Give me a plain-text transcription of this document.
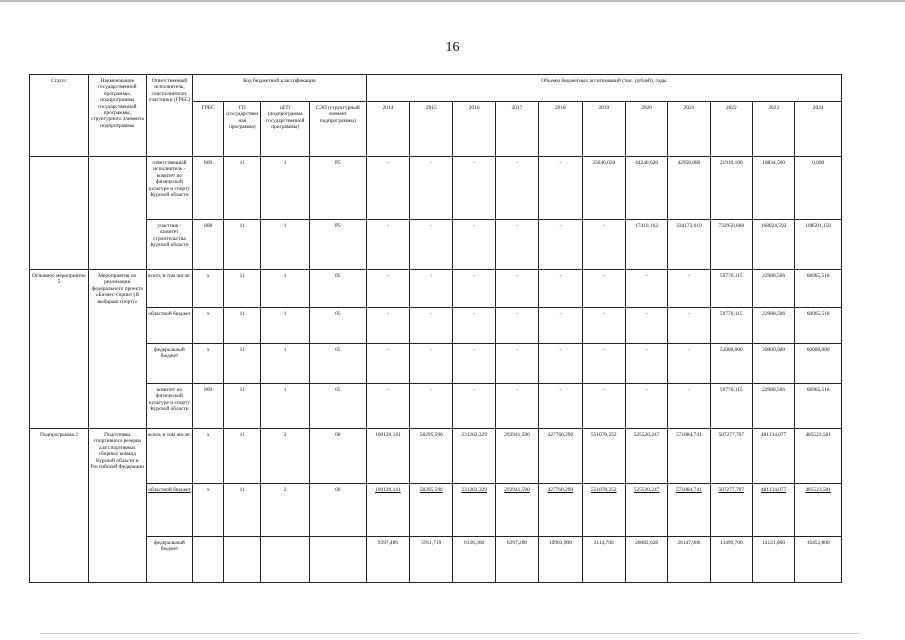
16
Статус	Наименование государственной программы, подпрограммы государственной программы, структурного элемента подпрограммы	Ответственный исполнитель, соисполнители, участники (ГРБС)	Код бюджетной классификации				Объемы бюджетных ассигнований (тыс. рублей), годы										
			ГРБС	ГП (государственная программа)	пГП (подпрограмма государственной программы)	СЭП (структурный элемент подпрограммы)	2014	2015	2016	2017	2018	2019	2020	2021	2022	2023	2024
		ответственный исполнитель - комитет по физической культуре и спорту Курской области	809	11	1	P5	-	-	-	-	-	35646,020	44240,620	42958,880	21910,100	10834,500	0,000
		участник - комитет строительства Курской области	808	11	1	P5	-	-	-	-	-	-	17410,162	334173,619	732950,668	168024,592	108501,150
Основное мероприятие 5	Мероприятия по реализации федерального проекта «Бизнес-спринт (Я выбираю спорт)»	всего, в том числе:	х	11	1	05	-	-	-	-	-	-	-	-	59770,115	22988,506	68965,518
		областной бюджет	х	11	1	05	-	-	-	-	-	-	-	-	59770,115	22988,506	68965,518
		федеральный бюджет	х	11	1	05	-	-	-	-	-	-	-	-	52000,000	20000,000	60000,000
		комитет по физической культуре и спорту Курской области	809	11	1	05	-	-	-	-	-	-	-	-	59770,115	22988,506	68965,518
Подпрограмма 2	Подготовка спортивного резерва для спортивных сборных команд Курской области и Российской Федерации	всего, в том числе:	х	11	2	00	100120,141	58295,596	231262,329	292941,590	427760,290	551078,252	525520,247	571884,741	507277,797	481134,077	485523,581
		областной бюджет	х	11	2	00	100120,141	58295,596	231262,329	292941,590	427760,290	551078,252	525520,247	571884,741	507277,797	481134,077	485523,581
		федеральный бюджет					9597,486	5911,719	6136,300	6297,200	10903,900	3114,700	28082,628	26147,900	13499,700	14121,800	16452,800
